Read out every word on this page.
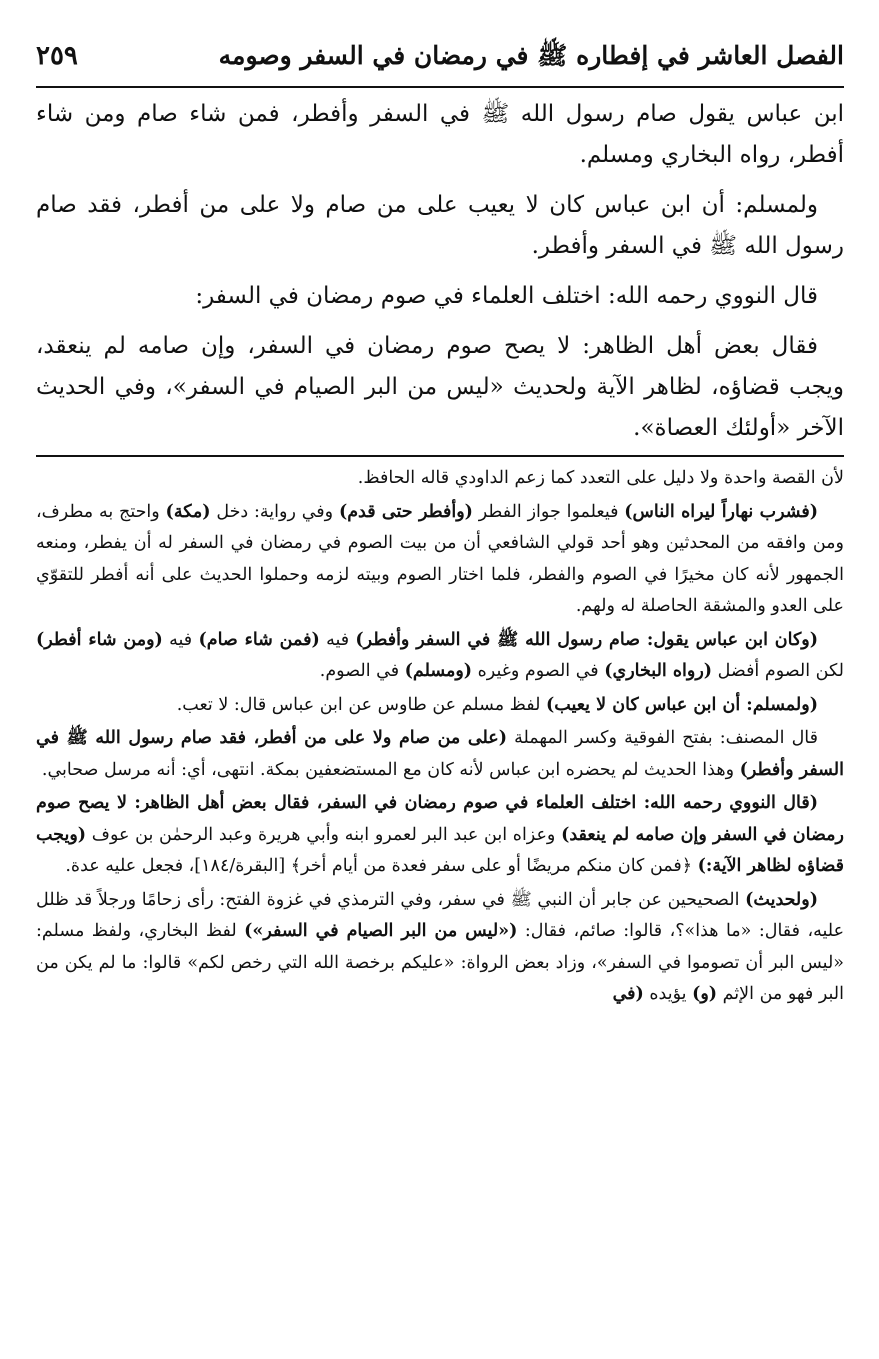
الفصل العاشر في إفطاره ﷺ في رمضان في السفر وصومه
٢٥٩

ابن عباس يقول صام رسول الله ﷺ في السفر وأفطر، فمن شاء صام ومن شاء أفطر، رواه البخاري ومسلم.

ولمسلم: أن ابن عباس كان لا يعيب على من صام ولا على من أفطر، فقد صام رسول الله ﷺ في السفر وأفطر.

قال النووي رحمه الله: اختلف العلماء في صوم رمضان في السفر:

فقال بعض أهل الظاهر: لا يصح صوم رمضان في السفر، وإن صامه لم ينعقد، ويجب قضاؤه، لظاهر الآية ولحديث «ليس من البر الصيام في السفر»، وفي الحديث الآخر «أولئك العصاة».

لأن القصة واحدة ولا دليل على التعدد كما زعم الداودي قاله الحافظ.

(فشرب نهاراً ليراه الناس) فيعلموا جواز الفطر (وأفطر حتى قدم) وفي رواية: دخل (مكة) واحتج به مطرف، ومن وافقه من المحدثين وهو أحد قولي الشافعي أن من بيت الصوم في رمضان في السفر له أن يفطر، ومنعه الجمهور لأنه كان مخيرًا في الصوم والفطر، فلما اختار الصوم وبيته لزمه وحملوا الحديث على أنه أفطر للتقوّي على العدو والمشقة الحاصلة له ولهم.

(وكان ابن عباس يقول: صام رسول الله ﷺ في السفر وأفطر) فيه (فمن شاء صام) فيه (ومن شاء أفطر) لكن الصوم أفضل (رواه البخاري) في الصوم وغيره (ومسلم) في الصوم.

(ولمسلم: أن ابن عباس كان لا يعيب) لفظ مسلم عن طاوس عن ابن عباس قال: لا تعب.

قال المصنف: بفتح الفوقية وكسر المهملة (على من صام ولا على من أفطر، فقد صام رسول الله ﷺ في السفر وأفطر) وهذا الحديث لم يحضره ابن عباس لأنه كان مع المستضعفين بمكة. انتهى، أي: أنه مرسل صحابي.

(قال النووي رحمه الله: اختلف العلماء في صوم رمضان في السفر، فقال بعض أهل الظاهر: لا يصح صوم رمضان في السفر وإن صامه لم ينعقد) وعزاه ابن عبد البر لعمرو ابنه وأبي هريرة وعبد الرحمٰن بن عوف (ويجب قضاؤه لظاهر الآية:) ﴿فمن كان منكم مريضًا أو على سفر فعدة من أيام أخر﴾ [البقرة/١٨٤]، فجعل عليه عدة.

(ولحديث) الصحيحين عن جابر أن النبي ﷺ في سفر، وفي الترمذي في غزوة الفتح: رأى زحامًا ورجلاً قد ظلل عليه، فقال: «ما هذا»؟، قالوا: صائم، فقال: («ليس من البر الصيام في السفر») لفظ البخاري، ولفظ مسلم: «ليس البر أن تصوموا في السفر»، وزاد بعض الرواة: «عليكم برخصة الله التي رخص لكم» قالوا: ما لم يكن من البر فهو من الإثم (و) يؤيده (في
